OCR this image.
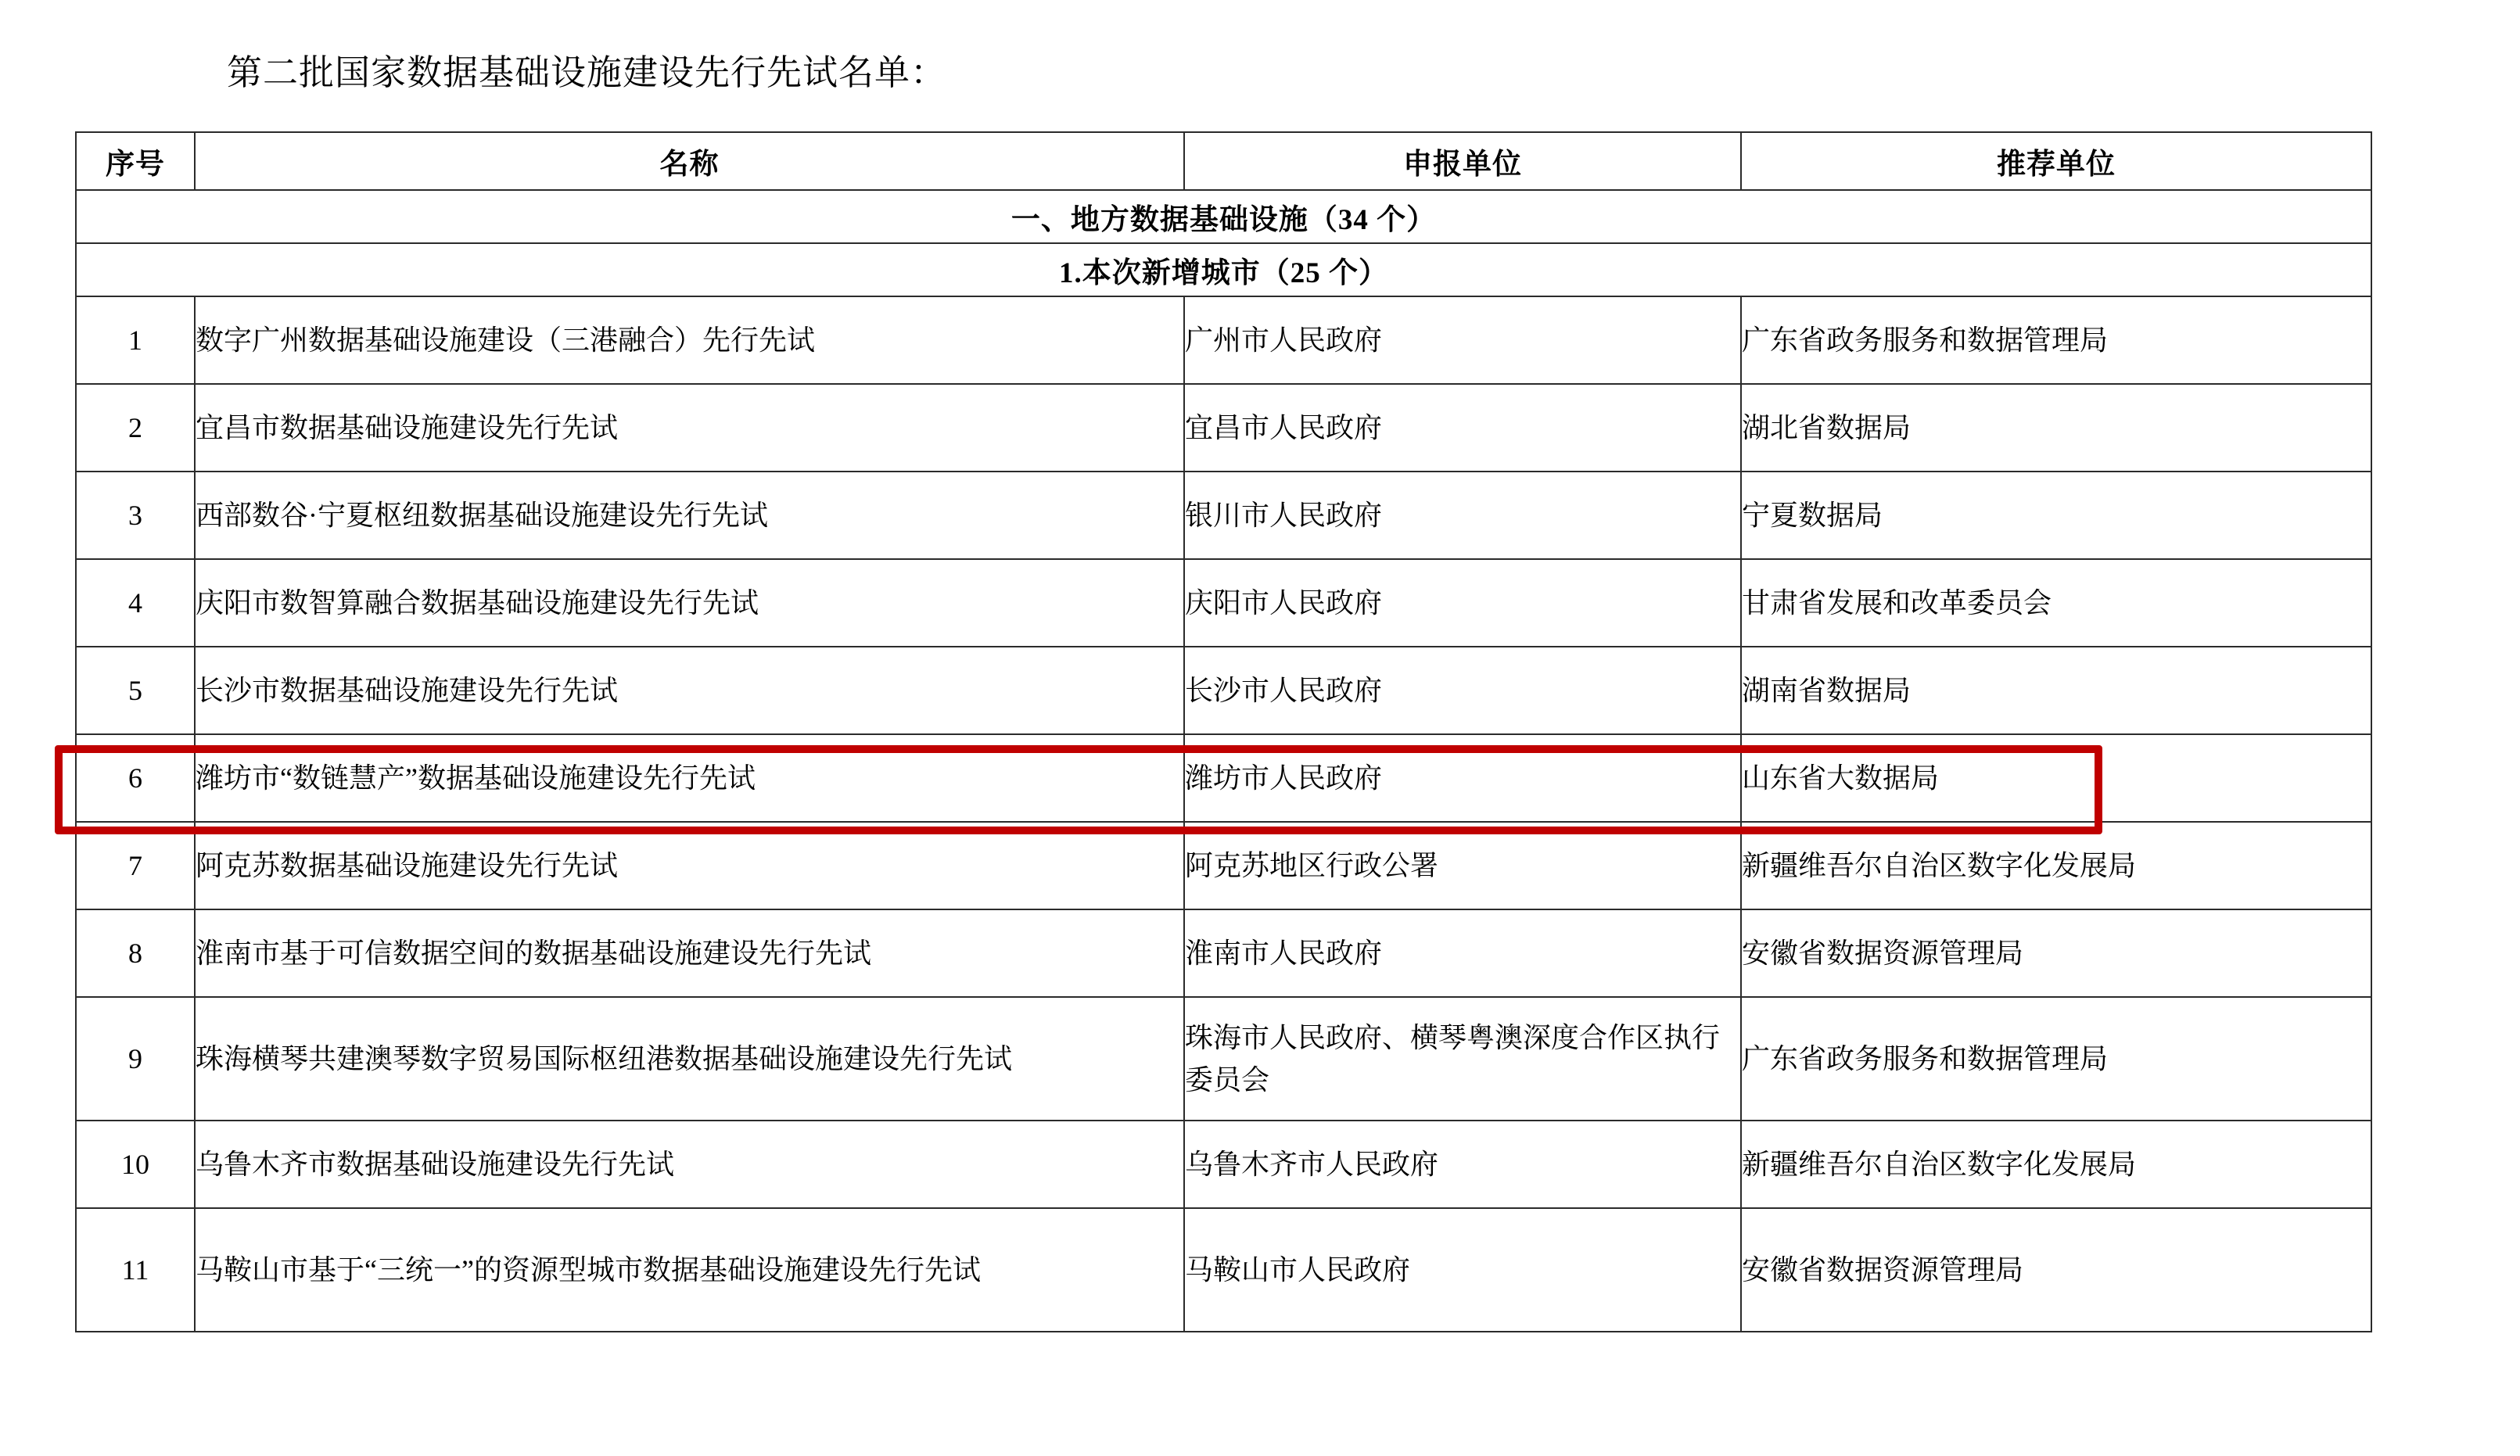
第二批国家数据基础设施建设先行先试名单：
序号	名称	申报单位	推荐单位
一、地方数据基础设施（34 个）			
1.本次新增城市（25 个）			
1	数字广州数据基础设施建设（三港融合）先行先试	广州市人民政府	广东省政务服务和数据管理局
2	宜昌市数据基础设施建设先行先试	宜昌市人民政府	湖北省数据局
3	西部数谷·宁夏枢纽数据基础设施建设先行先试	银川市人民政府	宁夏数据局
4	庆阳市数智算融合数据基础设施建设先行先试	庆阳市人民政府	甘肃省发展和改革委员会
5	长沙市数据基础设施建设先行先试	长沙市人民政府	湖南省数据局
6	潍坊市“数链慧产”数据基础设施建设先行先试	潍坊市人民政府	山东省大数据局
7	阿克苏数据基础设施建设先行先试	阿克苏地区行政公署	新疆维吾尔自治区数字化发展局
8	淮南市基于可信数据空间的数据基础设施建设先行先试	淮南市人民政府	安徽省数据资源管理局
9	珠海横琴共建澳琴数字贸易国际枢纽港数据基础设施建设先行先试	珠海市人民政府、横琴粤澳深度合作区执行委员会	广东省政务服务和数据管理局
10	乌鲁木齐市数据基础设施建设先行先试	乌鲁木齐市人民政府	新疆维吾尔自治区数字化发展局
11	马鞍山市基于“三统一”的资源型城市数据基础设施建设先行先试	马鞍山市人民政府	安徽省数据资源管理局
